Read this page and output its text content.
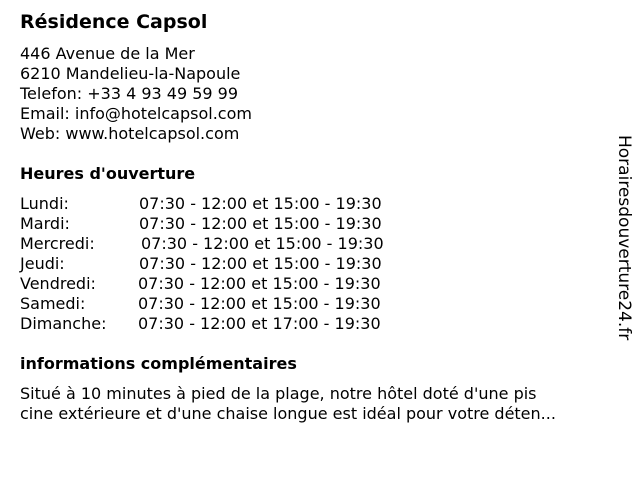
Résidence Capsol
446 Avenue de la Mer
6210 Mandelieu-la-Napoule
Telefon: +33 4 93 49 59 99
Email: info@hotelcapsol.com
Web: www.hotelcapsol.com
Heures d'ouverture
Lundi:	07:30 - 12:00 et 15:00 - 19:30
Mardi:	07:30 - 12:00 et 15:00 - 19:30
Mercredi:	07:30 - 12:00 et 15:00 - 19:30
Jeudi:	07:30 - 12:00 et 15:00 - 19:30
Vendredi:	07:30 - 12:00 et 15:00 - 19:30
Samedi:	07:30 - 12:00 et 15:00 - 19:30
Dimanche: 07:30 - 12:00 et 17:00 - 19:30
informations complémentaires
Situé à 10 minutes à pied de la plage, notre hôtel doté d'une pis
cine extérieure et d'une chaise longue est idéal pour votre déten...
Horairesdouverture24.fr
